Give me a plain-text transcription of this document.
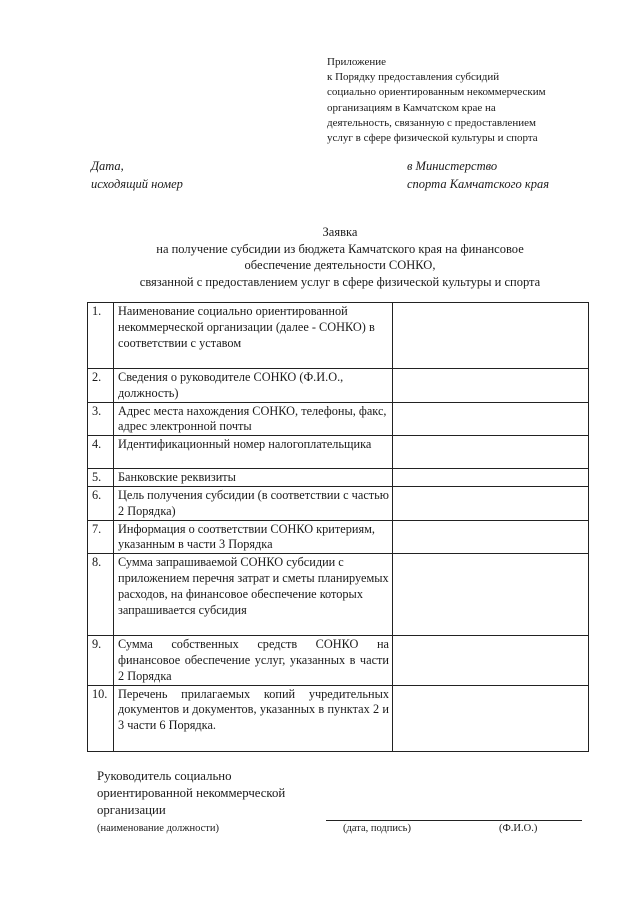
Приложение
к Порядку предоставления субсидий
социально ориентированным некоммерческим
организациям в Камчатском крае на
деятельность, связанную с предоставлением
услуг в сфере физической культуры и спорта
Дата,
исходящий номер
в Министерство
спорта Камчатского края
Заявка
на получение субсидии из бюджета Камчатского края на финансовое
обеспечение деятельности СОНКО,
связанной с предоставлением услуг в сфере физической культуры и спорта
1.	Наименование социально ориентированной некоммерческой организации (далее - СОНКО) в соответствии с уставом	
2.	Сведения о руководителе СОНКО (Ф.И.О., должность)	
3.	Адрес места нахождения СОНКО, телефоны, факс, адрес электронной почты	
4.	Идентификационный номер налогоплательщика	
5.	Банковские реквизиты	
6.	Цель получения субсидии (в соответствии с частью 2 Порядка)	
7.	Информация о соответствии СОНКО критериям, указанным в части 3 Порядка	
8.	Сумма запрашиваемой СОНКО субсидии с приложением перечня затрат и сметы планируемых расходов, на финансовое обеспечение которых запрашивается субсидия	
9.	Сумма собственных средств СОНКО на финансовое обеспечение услуг, указанных в части 2 Порядка	
10.	Перечень прилагаемых копий учредительных документов и документов, указанных в пунктах 2 и 3 части 6 Порядка.	
Руководитель социально
ориентированной некоммерческой
организации
(наименование должности)	(дата, подпись)	(Ф.И.О.)
